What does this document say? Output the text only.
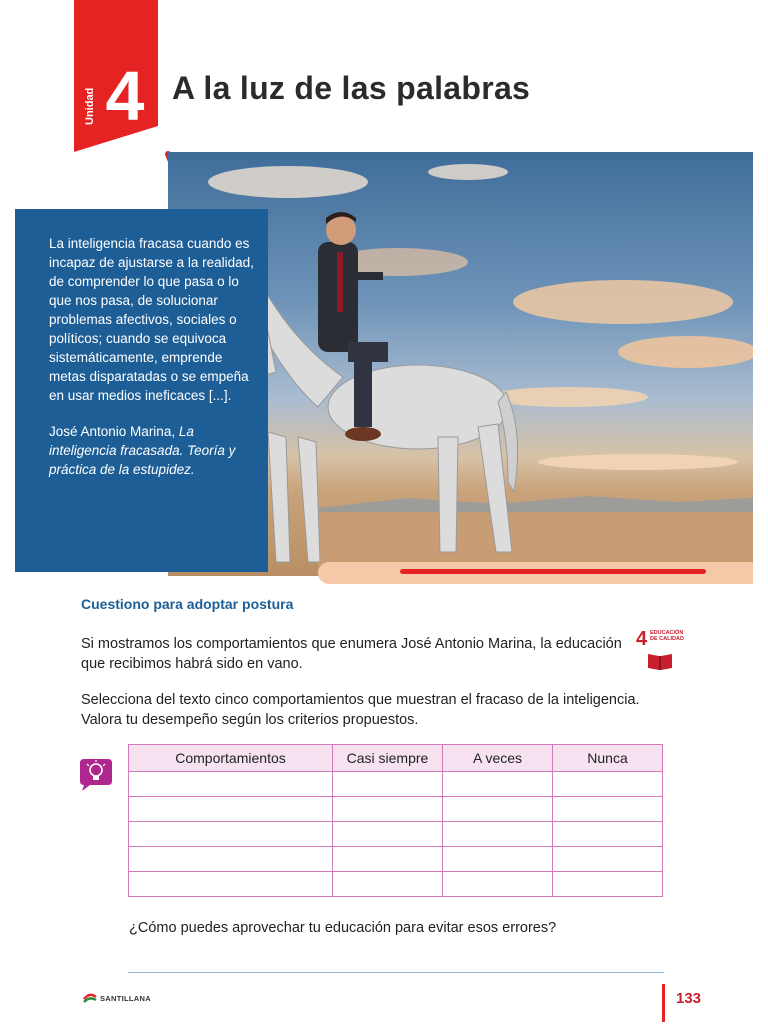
Unidad 4 A la luz de las palabras

La inteligencia fracasa cuando es incapaz de ajustarse a la realidad, de comprender lo que pasa o lo que nos pasa, de solucionar problemas afectivos, sociales o políticos; cuando se equivoca sistemáticamente, emprende metas disparatadas o se empeña en usar medios ineficaces [...].

José Antonio Marina, La inteligencia fracasada. Teoría y práctica de la estupidez.

Cuestiono para adoptar postura
Si mostramos los comportamientos que enumera José Antonio Marina, la educación que recibimos habrá sido en vano.
Selecciona del texto cinco comportamientos que muestran el fracaso de la inteligencia. Valora tu desempeño según los criterios propuestos.
4 EDUCACIÓN
DE CALIDAD
Comportamientos	Casi siempre	A veces	Nunca

¿Cómo puedes aprovechar tu educación para evitar esos errores?
SANTILLANA	133
